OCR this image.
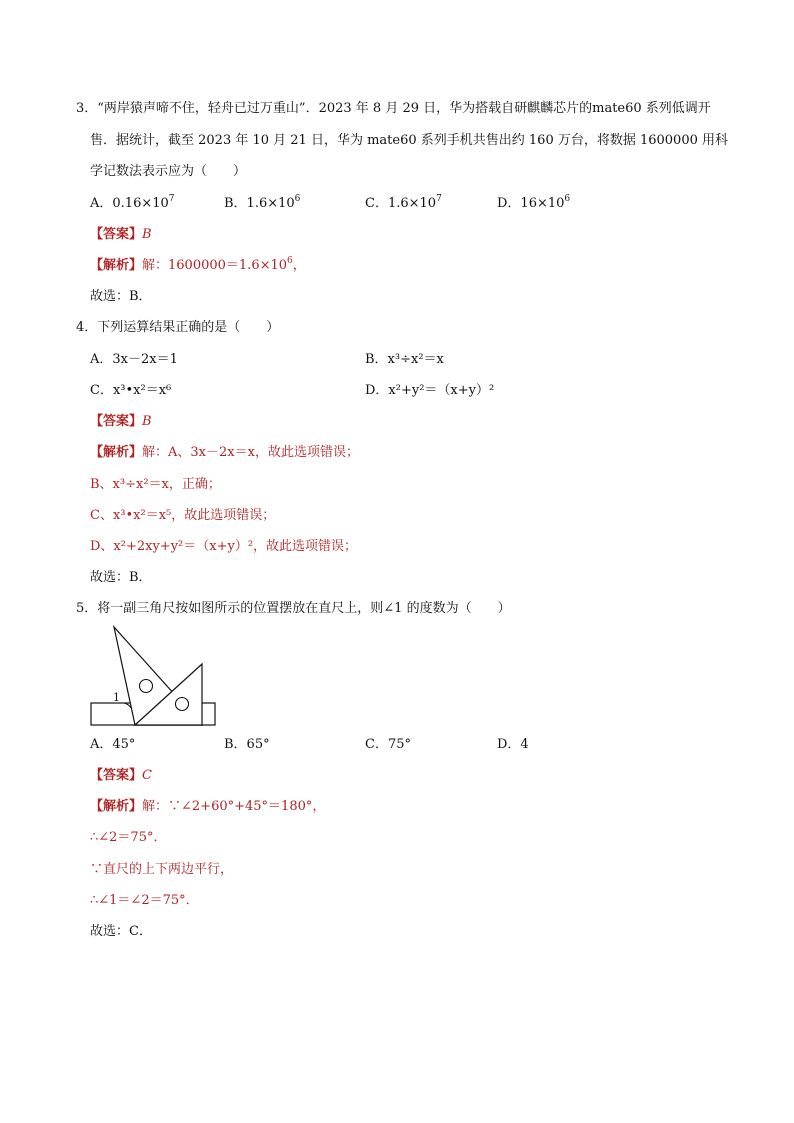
3．“两岸猿声啼不住，轻舟已过万重山”．2023 年 8 月 29 日，华为搭载自研麒麟芯片的mate60 系列低调开
售．据统计，截至 2023 年 10 月 21 日，华为 mate60 系列手机共售出约 160 万台，将数据 1600000 用科
学记数法表示应为（　　）
A．$0.16\times 10^7$	B．$1.6\times 10^6$	C．$1.6\times 10^7$	D．$16\times 10^6$
【答案】B
【解析】解：$1600000=1.6\times 10^6$，
故选：B．
4．下列运算结果正确的是（　　）
A．3x－2x＝1	B．x³÷x²＝x
C．x³•x²＝x⁶	D．x²+y²＝（x+y）²
【答案】B
【解析】解：A、3x－2x＝x，故此选项错误；
B、x³÷x²＝x，正确；
C、x³•x²＝x⁵，故此选项错误；
D、x²+2xy+y²＝（x+y）²，故此选项错误；
故选：B．
5．将一副三角尺按如图所示的位置摆放在直尺上，则∠1 的度数为（　　）
1
A．45°	B．65°	C．75°	D．4
【答案】C
【解析】解：∵∠2+60°+45°＝180°，
∴∠2＝75°．
∵直尺的上下两边平行，
∴∠1＝∠2＝75°．
故选：C．
